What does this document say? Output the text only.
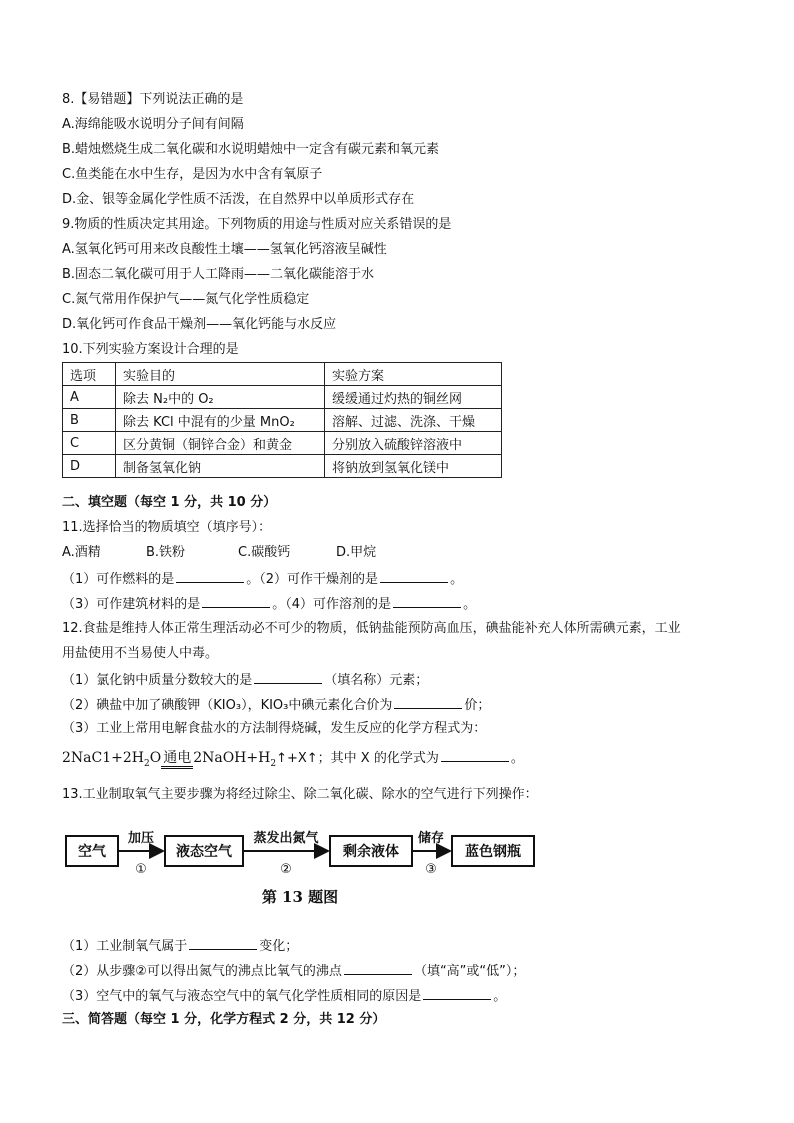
8.【易错题】下列说法正确的是
A.海绵能吸水说明分子间有间隔
B.蜡烛燃烧生成二氧化碳和水说明蜡烛中一定含有碳元素和氧元素
C.鱼类能在水中生存，是因为水中含有氧原子
D.金、银等金属化学性质不活泼，在自然界中以单质形式存在
9.物质的性质决定其用途。下列物质的用途与性质对应关系错误的是
A.氢氧化钙可用来改良酸性土壤——氢氧化钙溶液呈碱性
B.固态二氧化碳可用于人工降雨——二氧化碳能溶于水
C.氮气常用作保护气——氮气化学性质稳定
D.氧化钙可作食品干燥剂——氧化钙能与水反应
10.下列实验方案设计合理的是
选项	实验目的	实验方案
A	除去 N₂中的 O₂	缓缓通过灼热的铜丝网
B	除去 KCl 中混有的少量 MnO₂	溶解、过滤、洗涤、干燥
C	区分黄铜（铜锌合金）和黄金	分别放入硫酸锌溶液中
D	制备氢氧化钠	将钠放到氢氧化镁中
二、填空题（每空 1 分，共 10 分）
11.选择恰当的物质填空（填序号）：
A.酒精	B.铁粉	C.碳酸钙	D.甲烷
（1）可作燃料的是	。（2）可作干燥剂的是	。
（3）可作建筑材料的是	。（4）可作溶剂的是	。
12.食盐是维持人体正常生理活动必不可少的物质，低钠盐能预防高血压，碘盐能补充人体所需碘元素，工业
用盐使用不当易使人中毒。
（1）氯化钠中质量分数较大的是	（填名称）元素；
（2）碘盐中加了碘酸钾（KIO₃），KIO₃中碘元素化合价为	价；
（3）工业上常用电解食盐水的方法制得烧碱，发生反应的化学方程式为：
$2NaC1+2H_2O$ 通电 $2NaOH+H_2↑+X↑$；其中 X 的化学式为	。
13.工业制取氧气主要步骤为将经过除尘、除二氧化碳、除水的空气进行下列操作：
空气	液态空气	剩余液体	蓝色钢瓶
加压	蒸发出氮气	储存
①	②	③
第 13 题图
（1）工业制氧气属于	变化；
（2）从步骤②可以得出氮气的沸点比氧气的沸点	（填“高”或“低”）；
（3）空气中的氧气与液态空气中的氧气化学性质相同的原因是	。
三、简答题（每空 1 分，化学方程式 2 分，共 12 分）
